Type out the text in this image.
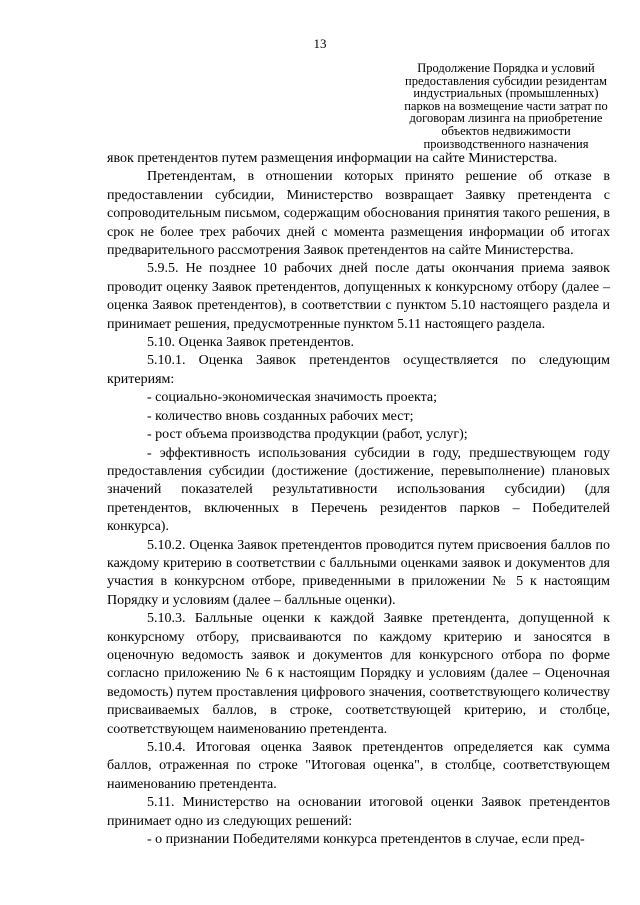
13
Продолжение Порядка и условий
предоставления субсидии резидентам
индустриальных (промышленных)
парков на возмещение части затрат по
договорам лизинга на приобретение
объектов недвижимости
производственного назначения

явок претендентов путем размещения информации на сайте Министерства.

Претендентам, в отношении которых принято решение об отказе в предоставлении субсидии, Министерство возвращает Заявку претендента с сопроводительным письмом, содержащим обоснования принятия такого решения, в срок не более трех рабочих дней с момента размещения информации об итогах предварительного рассмотрения Заявок претендентов на сайте Министерства.

5.9.5. Не позднее 10 рабочих дней после даты окончания приема заявок проводит оценку Заявок претендентов, допущенных к конкурсному отбору (далее – оценка Заявок претендентов), в соответствии с пунктом 5.10 настоящего раздела и принимает решения, предусмотренные пунктом 5.11 настоящего раздела.

5.10. Оценка Заявок претендентов.

5.10.1. Оценка Заявок претендентов осуществляется по следующим критериям:

- социально-экономическая значимость проекта;

- количество вновь созданных рабочих мест;

- рост объема производства продукции (работ, услуг);

- эффективность использования субсидии в году, предшествующем году предоставления субсидии (достижение (достижение, перевыполнение) плановых значений показателей результативности использования субсидии) (для претендентов, включенных в Перечень резидентов парков – Победителей конкурса).

5.10.2. Оценка Заявок претендентов проводится путем присвоения баллов по каждому критерию в соответствии с балльными оценками заявок и документов для участия в конкурсном отборе, приведенными в приложении № 5 к настоящим Порядку и условиям (далее – балльные оценки).

5.10.3. Балльные оценки к каждой Заявке претендента, допущенной к конкурсному отбору, присваиваются по каждому критерию и заносятся в оценочную ведомость заявок и документов для конкурсного отбора по форме согласно приложению № 6 к настоящим Порядку и условиям (далее – Оценочная ведомость) путем проставления цифрового значения, соответствующего количеству присваиваемых баллов, в строке, соответствующей критерию, и столбце, соответствующем наименованию претендента.

5.10.4. Итоговая оценка Заявок претендентов определяется как сумма баллов, отраженная по строке "Итоговая оценка", в столбце, соответствующем наименованию претендента.

5.11. Министерство на основании итоговой оценки Заявок претендентов принимает одно из следующих решений:

- о признании Победителями конкурса претендентов в случае, если пред-
